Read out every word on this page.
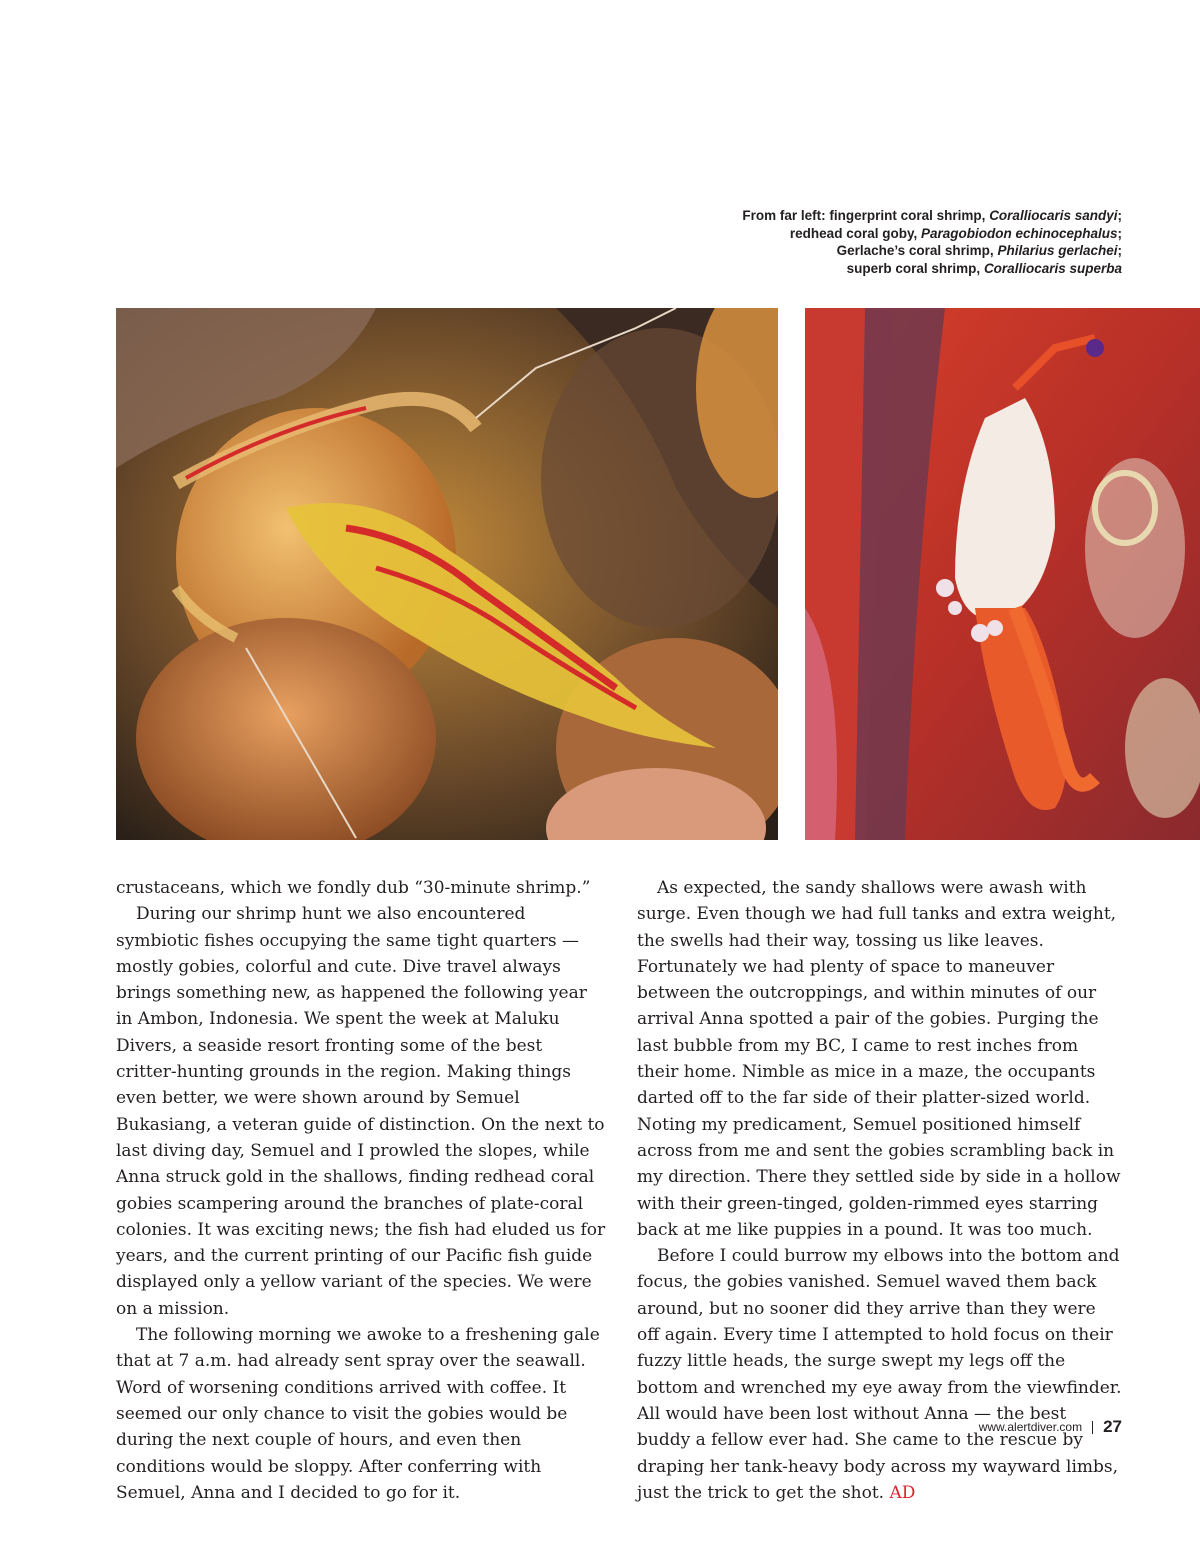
From far left: fingerprint coral shrimp, Coralliocaris sandyi;
redhead coral goby, Paragobiodon echinocephalus;
Gerlache’s coral shrimp, Philarius gerlachei;
superb coral shrimp, Coralliocaris superba

crustaceans, which we fondly dub “30-minute shrimp.”

During our shrimp hunt we also encountered symbiotic fishes occupying the same tight quarters — mostly gobies, colorful and cute. Dive travel always brings something new, as happened the following year in Ambon, Indonesia. We spent the week at Maluku Divers, a seaside resort fronting some of the best critter-hunting grounds in the region. Making things even better, we were shown around by Semuel Bukasiang, a veteran guide of distinction. On the next to last diving day, Semuel and I prowled the slopes, while Anna struck gold in the shallows, finding redhead coral gobies scampering around the branches of plate-coral colonies. It was exciting news; the fish had eluded us for years, and the current printing of our Pacific fish guide displayed only a yellow variant of the species. We were on a mission.

The following morning we awoke to a freshening gale that at 7 a.m. had already sent spray over the seawall. Word of worsening conditions arrived with coffee. It seemed our only chance to visit the gobies would be during the next couple of hours, and even then conditions would be sloppy. After conferring with Semuel, Anna and I decided to go for it.

As expected, the sandy shallows were awash with surge. Even though we had full tanks and extra weight, the swells had their way, tossing us like leaves. Fortunately we had plenty of space to maneuver between the outcroppings, and within minutes of our arrival Anna spotted a pair of the gobies. Purging the last bubble from my BC, I came to rest inches from their home. Nimble as mice in a maze, the occupants darted off to the far side of their platter-sized world. Noting my predicament, Semuel positioned himself across from me and sent the gobies scrambling back in my direction. There they settled side by side in a hollow with their green-tinged, golden-rimmed eyes starring back at me like puppies in a pound. It was too much.

Before I could burrow my elbows into the bottom and focus, the gobies vanished. Semuel waved them back around, but no sooner did they arrive than they were off again. Every time I attempted to hold focus on their fuzzy little heads, the surge swept my legs off the bottom and wrenched my eye away from the viewfinder. All would have been lost without Anna — the best buddy a fellow ever had. She came to the rescue by draping her tank-heavy body across my wayward limbs, just the trick to get the shot. AD

www.alertdiver.com 27
